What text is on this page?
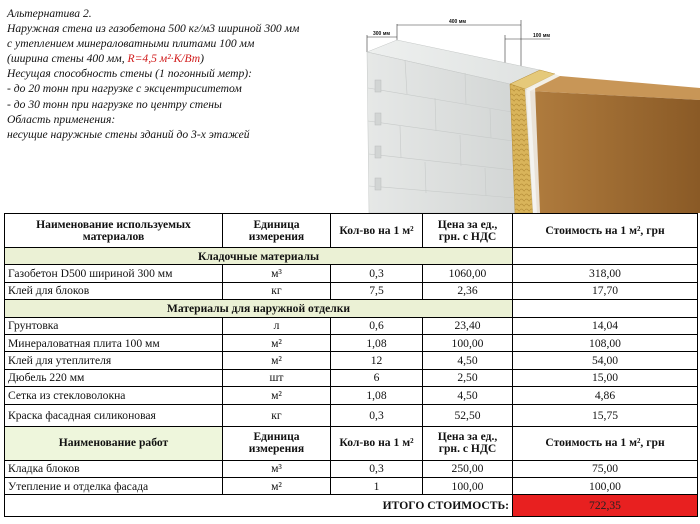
Альтернатива 2.
Наружная стена из газобетона 500 кг/м3 шириной 300 мм
с утеплением минераловатными плитами 100 мм
(ширина стены 400 мм, R=4,5 м²·К/Вт)
Несущая способность стены (1 погонный метр):
- до 20 тонн при нагрузке с эксцентриситетом
- до 30 тонн при нагрузке по центру стены
Область применения:
несущие наружные стены зданий до 3-х этажей
300 мм
400 мм
100 мм
Наименование используемых материалов	Единица измерения	Кол-во на 1 м²	Цена за ед., грн. с НДС	Стоимость на 1 м², грн
Кладочные материалы				
Газобетон D500 шириной 300 мм	м³	0,3	1060,00	318,00
Клей для блоков	кг	7,5	2,36	17,70
Материалы для наружной отделки				
Грунтовка	л	0,6	23,40	14,04
Минераловатная плита 100 мм	м²	1,08	100,00	108,00
Клей для утеплителя	м²	12	4,50	54,00
Дюбель 220 мм	шт	6	2,50	15,00
Сетка из стекловолокна	м²	1,08	4,50	4,86
Краска фасадная силиконовая	кг	0,3	52,50	15,75
Наименование работ	Единица измерения	Кол-во на 1 м²	Цена за ед., грн. с НДС	Стоимость на 1 м², грн
Кладка блоков	м³	0,3	250,00	75,00
Утепление и отделка фасада	м²	1	100,00	100,00
ИТОГО СТОИМОСТЬ:				722,35
